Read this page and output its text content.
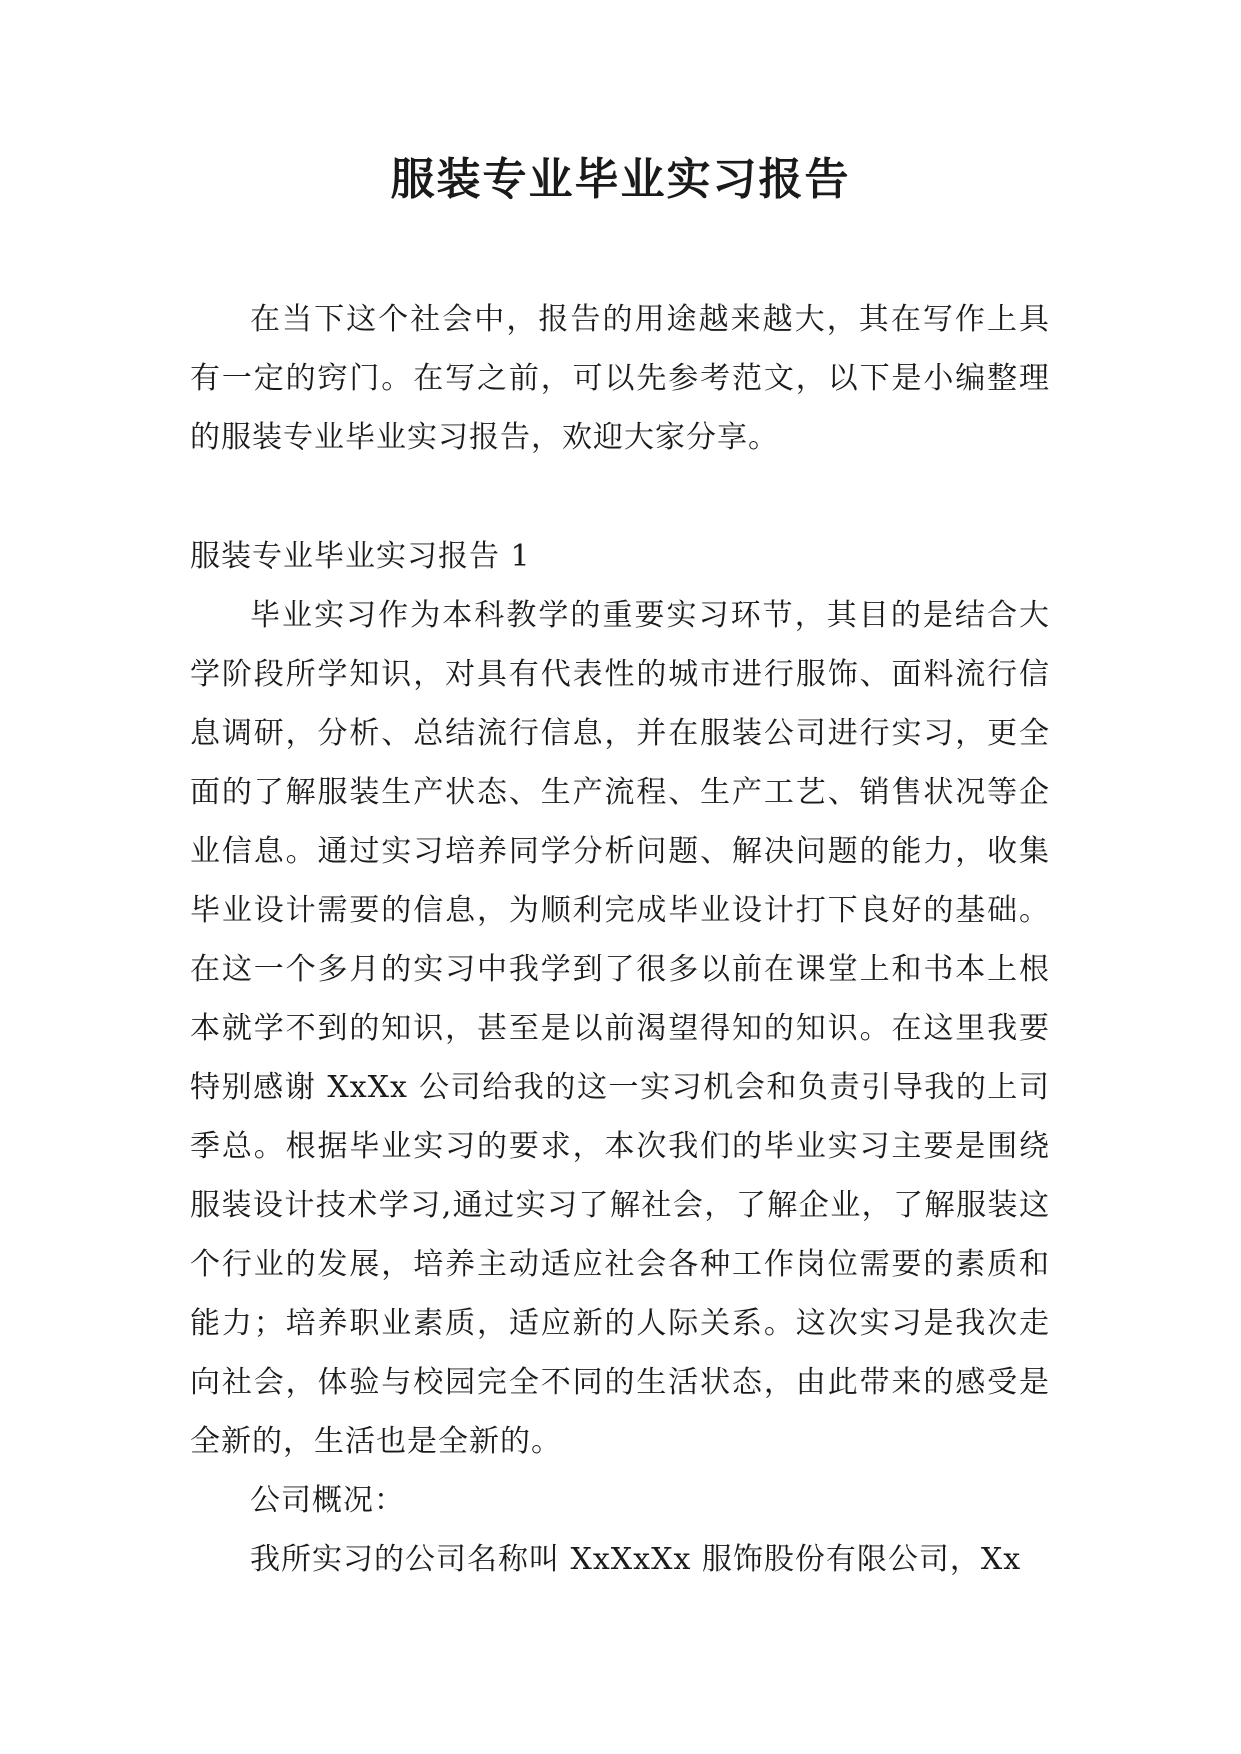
服装专业毕业实习报告

在当下这个社会中，报告的用途越来越大，其在写作上具有一定的窍门。在写之前，可以先参考范文，以下是小编整理的服装专业毕业实习报告，欢迎大家分享。

服装专业毕业实习报告 1

毕业实习作为本科教学的重要实习环节，其目的是结合大学阶段所学知识，对具有代表性的城市进行服饰、面料流行信息调研，分析、总结流行信息，并在服装公司进行实习，更全面的了解服装生产状态、生产流程、生产工艺、销售状况等企业信息。通过实习培养同学分析问题、解决问题的能力，收集毕业设计需要的信息，为顺利完成毕业设计打下良好的基础。在这一个多月的实习中我学到了很多以前在课堂上和书本上根本就学不到的知识，甚至是以前渴望得知的知识。在这里我要特别感谢 XxXx 公司给我的这一实习机会和负责引导我的上司季总。根据毕业实习的要求，本次我们的毕业实习主要是围绕服装设计技术学习,通过实习了解社会，了解企业，了解服装这个行业的发展，培养主动适应社会各种工作岗位需要的素质和能力；培养职业素质，适应新的人际关系。这次实习是我次走向社会，体验与校园完全不同的生活状态，由此带来的感受是全新的，生活也是全新的。

公司概况：

我所实习的公司名称叫 XxXxXx 服饰股份有限公司，Xx
